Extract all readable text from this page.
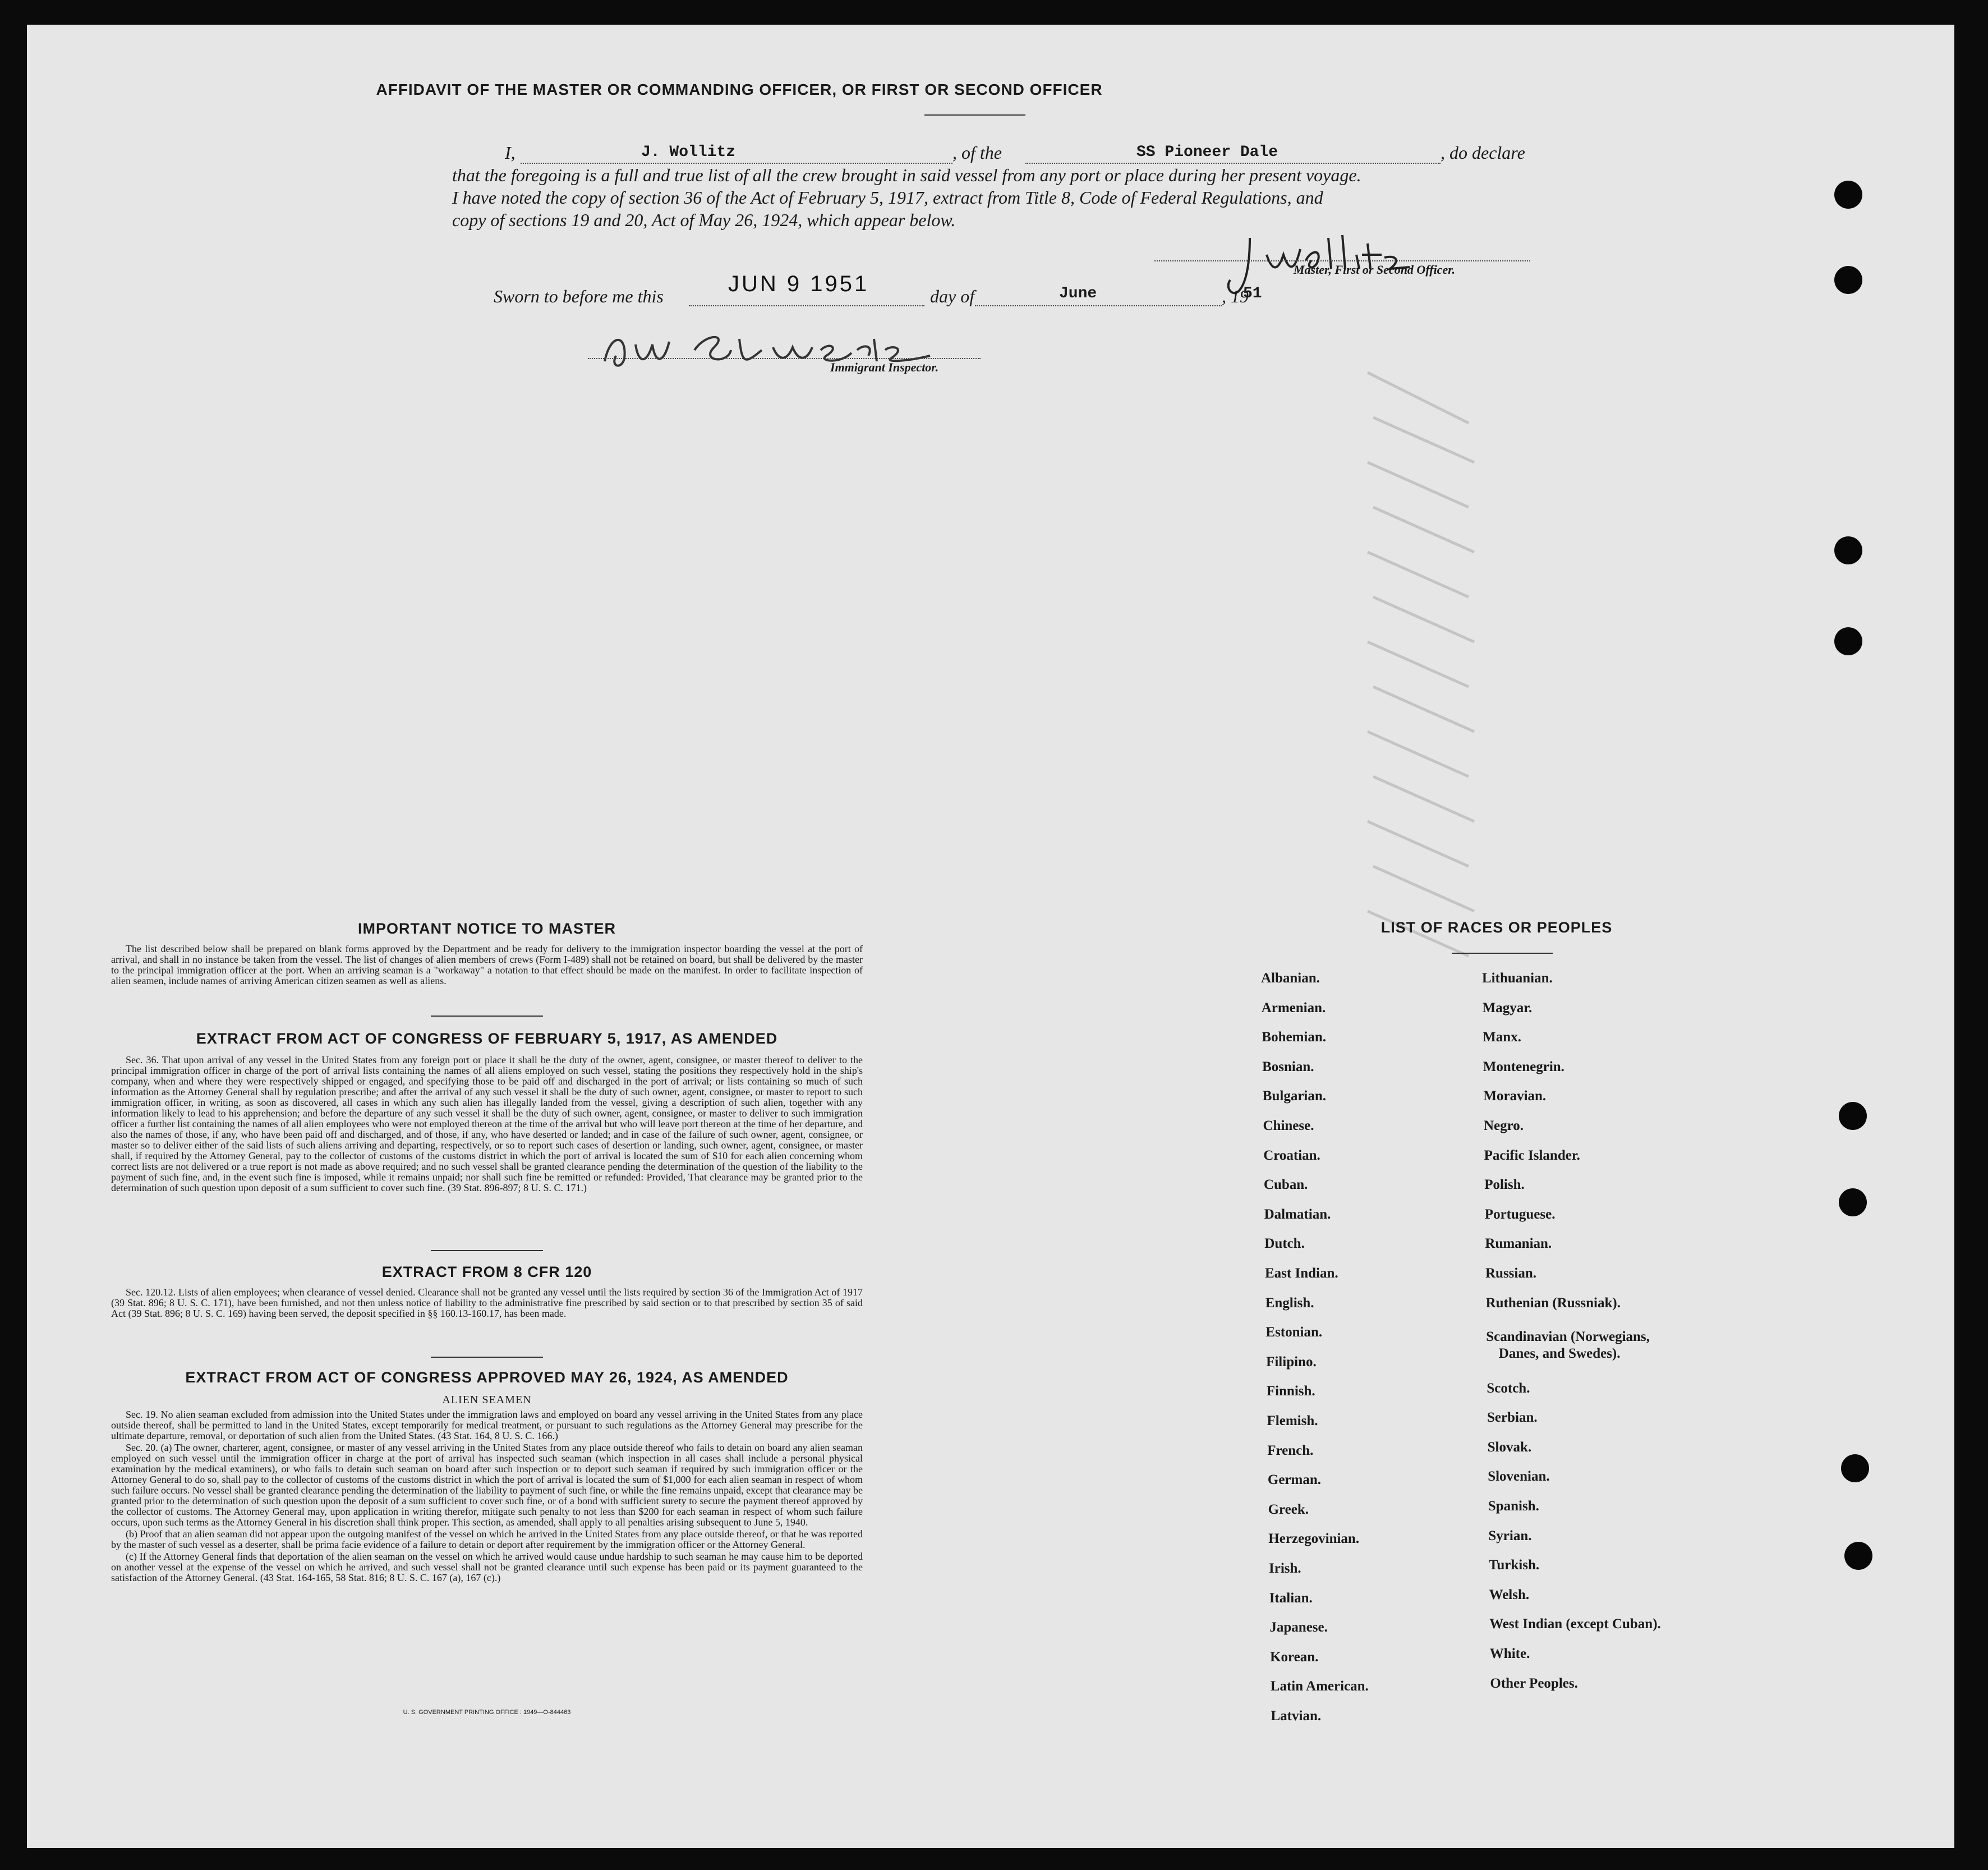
AFFIDAVIT OF THE MASTER OR COMMANDING OFFICER, OR FIRST OR SECOND OFFICER
I,	J. Wollitz	, of the	SS Pioneer Dale	, do declare
that the foregoing is a full and true list of all the crew brought in said vessel from any port or place during her present voyage.
I have noted the copy of section 36 of the Act of February 5, 1917, extract from Title 8, Code of Federal Regulations, and
copy of sections 19 and 20, Act of May 26, 1924, which appear below.
Master, First or Second Officer.
Sworn to before me this	JUN 9 1951	day of	June	, 19
51
Immigrant Inspector.
IMPORTANT NOTICE TO MASTER

The list described below shall be prepared on blank forms approved by the Department and be ready for delivery to the immigration inspector boarding the vessel at the port of arrival, and shall in no instance be taken from the vessel. The list of changes of alien members of crews (Form I-489) shall not be retained on board, but shall be delivered by the master to the principal immigration officer at the port. When an arriving seaman is a "workaway" a notation to that effect should be made on the manifest. In order to facilitate inspection of alien seamen, include names of arriving American citizen seamen as well as aliens.

EXTRACT FROM ACT OF CONGRESS OF FEBRUARY 5, 1917, AS AMENDED

Sec. 36. That upon arrival of any vessel in the United States from any foreign port or place it shall be the duty of the owner, agent, consignee, or master thereof to deliver to the principal immigration officer in charge of the port of arrival lists containing the names of all aliens employed on such vessel, stating the positions they respectively hold in the ship's company, when and where they were respectively shipped or engaged, and specifying those to be paid off and discharged in the port of arrival; or lists containing so much of such information as the Attorney General shall by regulation prescribe; and after the arrival of any such vessel it shall be the duty of such owner, agent, consignee, or master to report to such immigration officer, in writing, as soon as discovered, all cases in which any such alien has illegally landed from the vessel, giving a description of such alien, together with any information likely to lead to his apprehension; and before the departure of any such vessel it shall be the duty of such owner, agent, consignee, or master to deliver to such immigration officer a further list containing the names of all alien employees who were not employed thereon at the time of the arrival but who will leave port thereon at the time of her departure, and also the names of those, if any, who have been paid off and discharged, and of those, if any, who have deserted or landed; and in case of the failure of such owner, agent, consignee, or master so to deliver either of the said lists of such aliens arriving and departing, respectively, or so to report such cases of desertion or landing, such owner, agent, consignee, or master shall, if required by the Attorney General, pay to the collector of customs of the customs district in which the port of arrival is located the sum of $10 for each alien concerning whom correct lists are not delivered or a true report is not made as above required; and no such vessel shall be granted clearance pending the determination of the question of the liability to the payment of such fine, and, in the event such fine is imposed, while it remains unpaid; nor shall such fine be remitted or refunded: Provided, That clearance may be granted prior to the determination of such question upon deposit of a sum sufficient to cover such fine. (39 Stat. 896-897; 8 U. S. C. 171.)

EXTRACT FROM 8 CFR 120

Sec. 120.12. Lists of alien employees; when clearance of vessel denied. Clearance shall not be granted any vessel until the lists required by section 36 of the Immigration Act of 1917 (39 Stat. 896; 8 U. S. C. 171), have been furnished, and not then unless notice of liability to the administrative fine prescribed by said section or to that prescribed by section 35 of said Act (39 Stat. 896; 8 U. S. C. 169) having been served, the deposit specified in §§ 160.13-160.17, has been made.

EXTRACT FROM ACT OF CONGRESS APPROVED MAY 26, 1924, AS AMENDED
ALIEN SEAMEN

Sec. 19. No alien seaman excluded from admission into the United States under the immigration laws and employed on board any vessel arriving in the United States from any place outside thereof, shall be permitted to land in the United States, except temporarily for medical treatment, or pursuant to such regulations as the Attorney General may prescribe for the ultimate departure, removal, or deportation of such alien from the United States. (43 Stat. 164, 8 U. S. C. 166.)

Sec. 20. (a) The owner, charterer, agent, consignee, or master of any vessel arriving in the United States from any place outside thereof who fails to detain on board any alien seaman employed on such vessel until the immigration officer in charge at the port of arrival has inspected such seaman (which inspection in all cases shall include a personal physical examination by the medical examiners), or who fails to detain such seaman on board after such inspection or to deport such seaman if required by such immigration officer or the Attorney General to do so, shall pay to the collector of customs of the customs district in which the port of arrival is located the sum of $1,000 for each alien seaman in respect of whom such failure occurs. No vessel shall be granted clearance pending the determination of the liability to payment of such fine, or while the fine remains unpaid, except that clearance may be granted prior to the determination of such question upon the deposit of a sum sufficient to cover such fine, or of a bond with sufficient surety to secure the payment thereof approved by the collector of customs. The Attorney General may, upon application in writing therefor, mitigate such penalty to not less than $200 for each seaman in respect of whom such failure occurs, upon such terms as the Attorney General in his discretion shall think proper. This section, as amended, shall apply to all penalties arising subsequent to June 5, 1940.

(b) Proof that an alien seaman did not appear upon the outgoing manifest of the vessel on which he arrived in the United States from any place outside thereof, or that he was reported by the master of such vessel as a deserter, shall be prima facie evidence of a failure to detain or deport after requirement by the immigration officer or the Attorney General.

(c) If the Attorney General finds that deportation of the alien seaman on the vessel on which he arrived would cause undue hardship to such seaman he may cause him to be deported on another vessel at the expense of the vessel on which he arrived, and such vessel shall not be granted clearance until such expense has been paid or its payment guaranteed to the satisfaction of the Attorney General. (43 Stat. 164-165, 58 Stat. 816; 8 U. S. C. 167 (a), 167 (c).)

U. S. GOVERNMENT PRINTING OFFICE : 1949—O-844463
LIST OF RACES OR PEOPLES
Albanian.
Armenian.
Bohemian.
Bosnian.
Bulgarian.
Chinese.
Croatian.
Cuban.
Dalmatian.
Dutch.
East Indian.
English.
Estonian.
Filipino.
Finnish.
Flemish.
French.
German.
Greek.
Herzegovinian.
Irish.
Italian.
Japanese.
Korean.
Latin American.
Latvian.
Lithuanian.
Magyar.
Manx.
Montenegrin.
Moravian.
Negro.
Pacific Islander.
Polish.
Portuguese.
Rumanian.
Russian.
Ruthenian (Russniak).
Scandinavian (Norwegians,
Danes, and Swedes).
Scotch.
Serbian.
Slovak.
Slovenian.
Spanish.
Syrian.
Turkish.
Welsh.
West Indian (except Cuban).
White.
Other Peoples.
